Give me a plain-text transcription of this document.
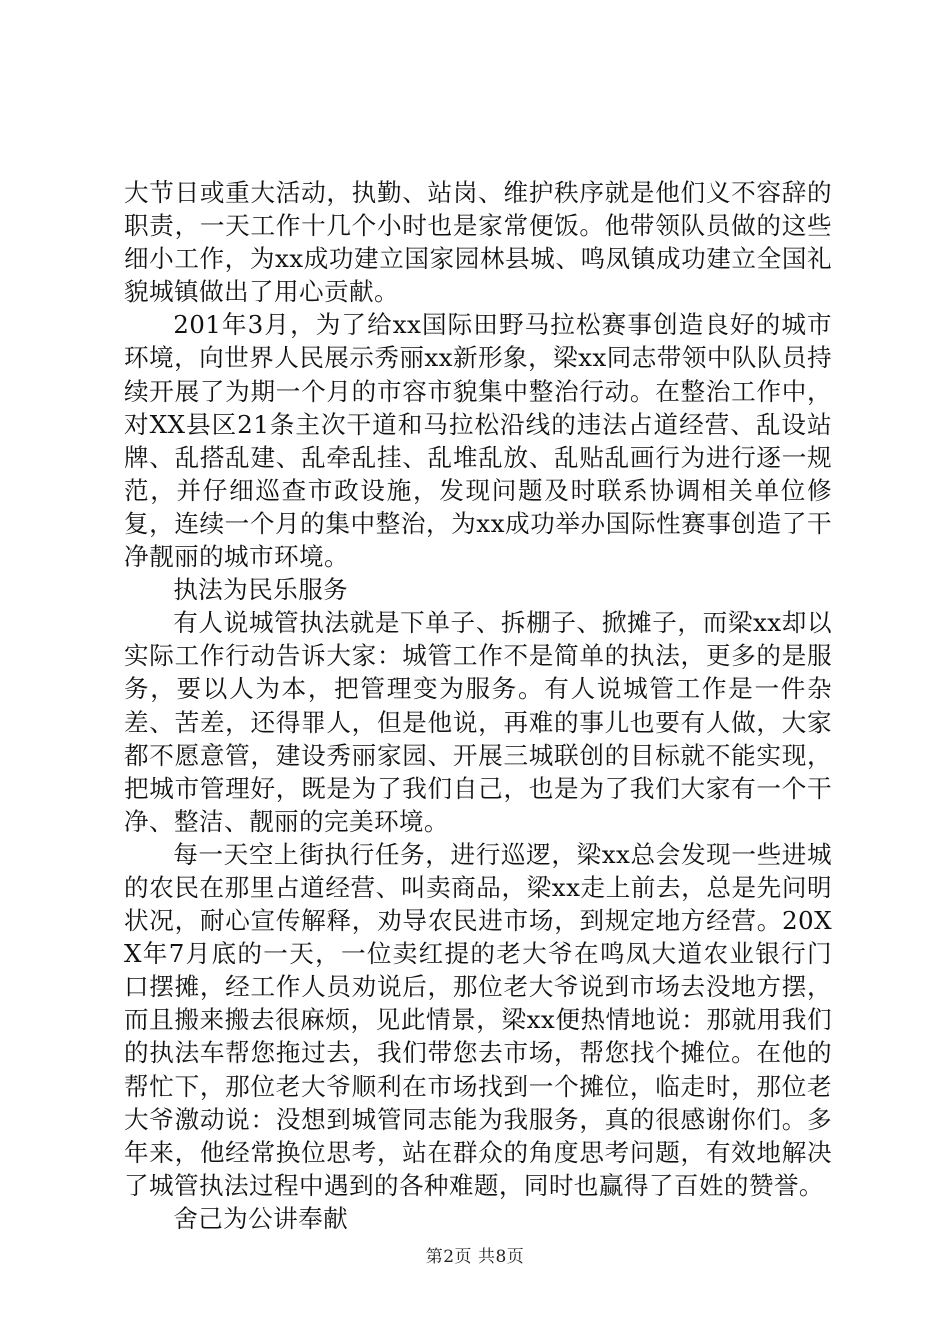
大节日或重大活动，执勤、站岗、维护秩序就是他们义不容辞的职责，一天工作十几个小时也是家常便饭。他带领队员做的这些细小工作，为xx成功建立国家园林县城、鸣凤镇成功建立全国礼貌城镇做出了用心贡献。

201年3月，为了给xx国际田野马拉松赛事创造良好的城市环境，向世界人民展示秀丽xx新形象，梁xx同志带领中队队员持续开展了为期一个月的市容市貌集中整治行动。在整治工作中，对XX县区21条主次干道和马拉松沿线的违法占道经营、乱设站牌、乱搭乱建、乱牵乱挂、乱堆乱放、乱贴乱画行为进行逐一规范，并仔细巡查市政设施，发现问题及时联系协调相关单位修复，连续一个月的集中整治，为xx成功举办国际性赛事创造了干净靓丽的城市环境。

执法为民乐服务

有人说城管执法就是下单子、拆棚子、掀摊子，而梁xx却以实际工作行动告诉大家：城管工作不是简单的执法，更多的是服务，要以人为本，把管理变为服务。有人说城管工作是一件杂差、苦差，还得罪人，但是他说，再难的事儿也要有人做，大家都不愿意管，建设秀丽家园、开展三城联创的目标就不能实现，把城市管理好，既是为了我们自己，也是为了我们大家有一个干净、整洁、靓丽的完美环境。

每一天空上街执行任务，进行巡逻，梁xx总会发现一些进城的农民在那里占道经营、叫卖商品，梁xx走上前去，总是先问明状况，耐心宣传解释，劝导农民进市场，到规定地方经营。20XX年7月底的一天，一位卖红提的老大爷在鸣凤大道农业银行门口摆摊，经工作人员劝说后，那位老大爷说到市场去没地方摆，而且搬来搬去很麻烦，见此情景，梁xx便热情地说：那就用我们的执法车帮您拖过去，我们带您去市场，帮您找个摊位。在他的帮忙下，那位老大爷顺利在市场找到一个摊位，临走时，那位老大爷激动说：没想到城管同志能为我服务，真的很感谢你们。多年来，他经常换位思考，站在群众的角度思考问题，有效地解决了城管执法过程中遇到的各种难题，同时也赢得了百姓的赞誉。

舍己为公讲奉献

第2页 共8页
